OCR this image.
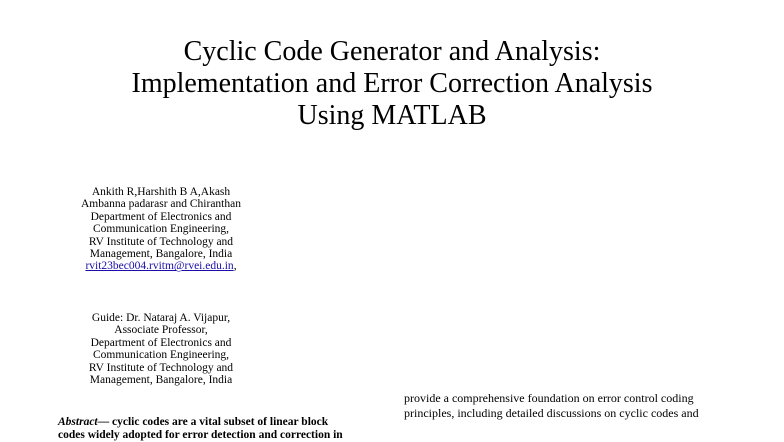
Cyclic Code Generator and Analysis:
Implementation and Error Correction Analysis
Using MATLAB
Ankith R,Harshith B A,Akash
Ambanna padarasr and Chiranthan
Department of Electronics and
Communication Engineering,
RV Institute of Technology and
Management, Bangalore, India
rvit23bec004.rvitm@rvei.edu.in,
Guide: Dr. Nataraj A. Vijapur,
Associate Professor,
Department of Electronics and
Communication Engineering,
RV Institute of Technology and
Management, Bangalore, India
Abstract— cyclic codes are a vital subset of linear block
codes widely adopted for error detection and correction in
provide a comprehensive foundation on error control coding
principles, including detailed discussions on cyclic codes and
